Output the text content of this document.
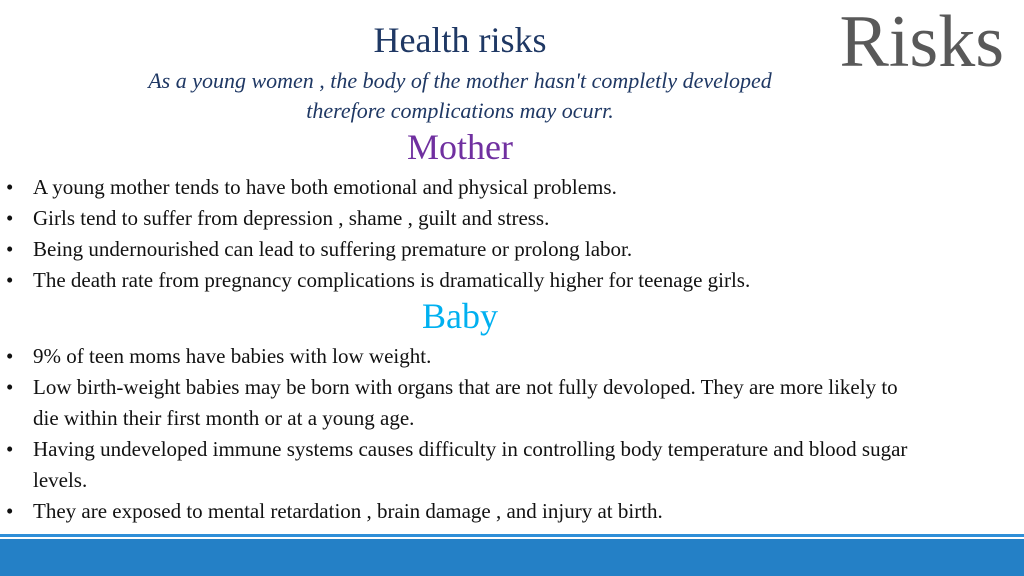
Risks
Health risks
As a young women , the body of the mother hasn't completly developed
therefore complications may ocurr.
Mother
• A young mother tends to have both emotional and physical problems.
• Girls tend to suffer from depression , shame , guilt and stress.
• Being undernourished can lead to suffering premature or prolong labor.
• The death rate from pregnancy complications is dramatically higher for teenage girls.
Baby
• 9% of teen moms have babies with low weight.
• Low birth-weight babies may be born with organs that are not fully devoloped. They are more likely to die within their first month or at a young age.
• Having undeveloped immune systems causes difficulty in controlling body temperature and blood sugar levels.
• They are exposed to mental retardation , brain damage , and injury at birth.
